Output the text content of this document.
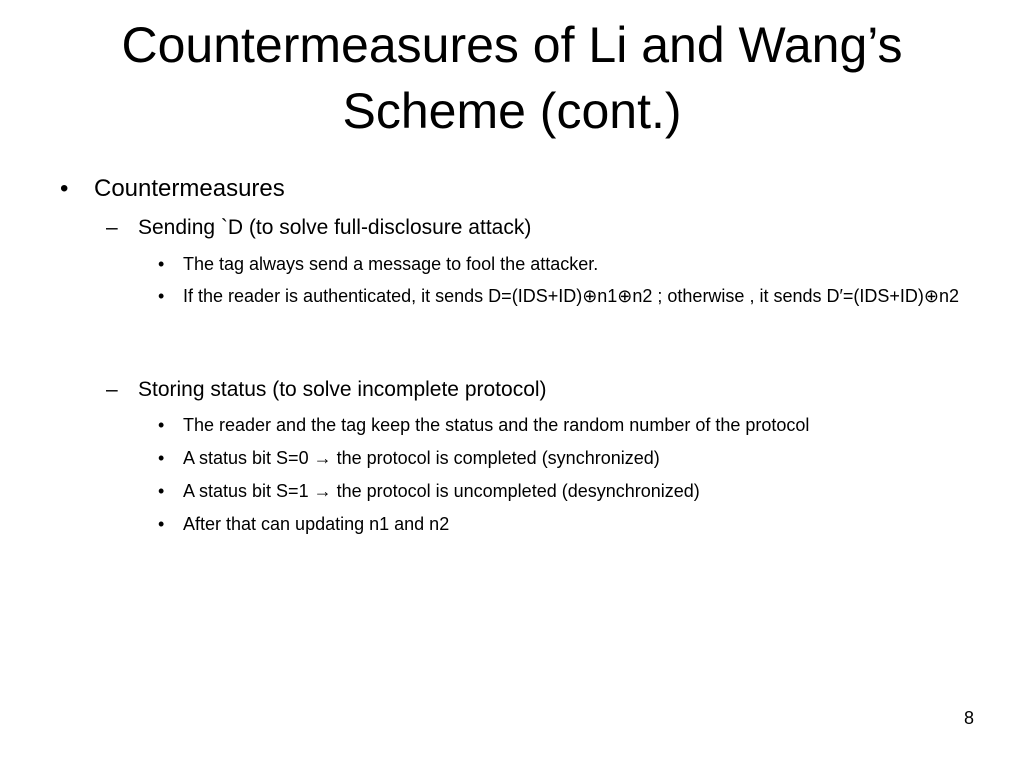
Countermeasures of Li and Wang’s
Scheme (cont.)
•	Countermeasures
– Sending `D (to solve full-disclosure attack)
• The tag always send a message to fool the attacker.
• If the reader is authenticated, it sends D=(IDS+ID)⊕n1⊕n2 ; otherwise , it sends D′=(IDS+ID)⊕n2
– Storing status (to solve incomplete protocol)
• The reader and the tag keep the status and the random number of the protocol
• A status bit S=0 → the protocol is completed (synchronized)
• A status bit S=1 → the protocol is uncompleted (desynchronized)
• After that can updating n1 and n2
8
